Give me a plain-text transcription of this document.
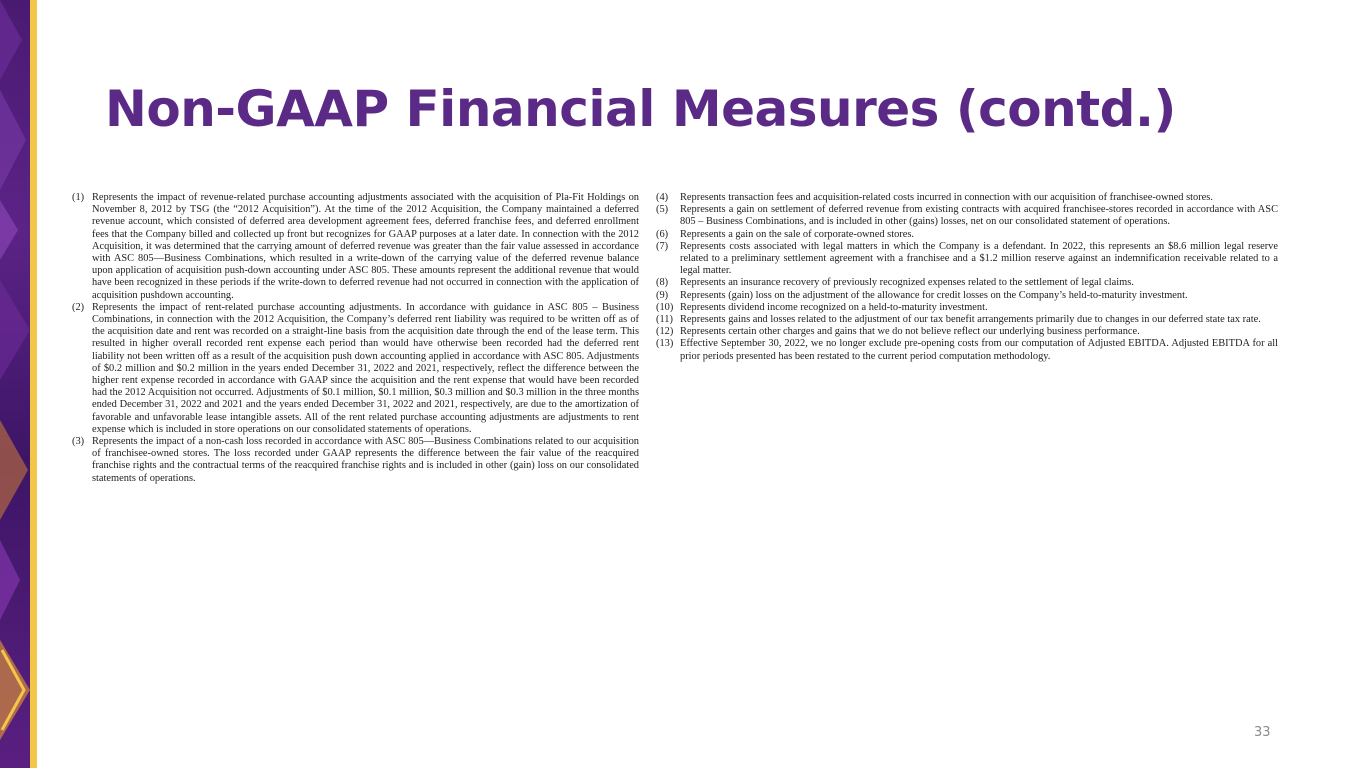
Non-GAAP Financial Measures (contd.)
(1) Represents the impact of revenue-related purchase accounting adjustments associated with the acquisition of Pla-Fit Holdings on November 8, 2012 by TSG (the “2012 Acquisition”). At the time of the 2012 Acquisition, the Company maintained a deferred revenue account, which consisted of deferred area development agreement fees, deferred franchise fees, and deferred enrollment fees that the Company billed and collected up front but recognizes for GAAP purposes at a later date. In connection with the 2012 Acquisition, it was determined that the carrying amount of deferred revenue was greater than the fair value assessed in accordance with ASC 805—Business Combinations, which resulted in a write-down of the carrying value of the deferred revenue balance upon application of acquisition push-down accounting under ASC 805. These amounts represent the additional revenue that would have been recognized in these periods if the write-down to deferred revenue had not occurred in connection with the application of acquisition pushdown accounting.
(2) Represents the impact of rent-related purchase accounting adjustments. In accordance with guidance in ASC 805 – Business Combinations, in connection with the 2012 Acquisition, the Company’s deferred rent liability was required to be written off as of the acquisition date and rent was recorded on a straight-line basis from the acquisition date through the end of the lease term. This resulted in higher overall recorded rent expense each period than would have otherwise been recorded had the deferred rent liability not been written off as a result of the acquisition push down accounting applied in accordance with ASC 805. Adjustments of $0.2 million and $0.2 million in the years ended December 31, 2022 and 2021, respectively, reflect the difference between the higher rent expense recorded in accordance with GAAP since the acquisition and the rent expense that would have been recorded had the 2012 Acquisition not occurred. Adjustments of $0.1 million, $0.1 million, $0.3 million and $0.3 million in the three months ended December 31, 2022 and 2021 and the years ended December 31, 2022 and 2021, respectively, are due to the amortization of favorable and unfavorable lease intangible assets. All of the rent related purchase accounting adjustments are adjustments to rent expense which is included in store operations on our consolidated statements of operations.
(3) Represents the impact of a non-cash loss recorded in accordance with ASC 805—Business Combinations related to our acquisition of franchisee-owned stores. The loss recorded under GAAP represents the difference between the fair value of the reacquired franchise rights and the contractual terms of the reacquired franchise rights and is included in other (gain) loss on our consolidated statements of operations.
(4)	Represents transaction fees and acquisition-related costs incurred in connection with our acquisition of franchisee-owned stores.
(5)	Represents a gain on settlement of deferred revenue from existing contracts with acquired franchisee-stores recorded in accordance with ASC 805 – Business Combinations, and is included in other (gains) losses, net on our consolidated statement of operations.
(6)	Represents a gain on the sale of corporate-owned stores.
(7)	Represents costs associated with legal matters in which the Company is a defendant. In 2022, this represents an $8.6 million legal reserve related to a preliminary settlement agreement with a franchisee and a $1.2 million reserve against an indemnification receivable related to a legal matter.
(8)	Represents an insurance recovery of previously recognized expenses related to the settlement of legal claims.
(9)	Represents (gain) loss on the adjustment of the allowance for credit losses on the Company’s held-to-maturity investment.
(10) Represents dividend income recognized on a held-to-maturity investment.
(11) Represents gains and losses related to the adjustment of our tax benefit arrangements primarily due to changes in our deferred state tax rate.
(12) Represents certain other charges and gains that we do not believe reflect our underlying business performance.
(13) Effective September 30, 2022, we no longer exclude pre-opening costs from our computation of Adjusted EBITDA. Adjusted EBITDA for all prior periods presented has been restated to the current period computation methodology.
33
